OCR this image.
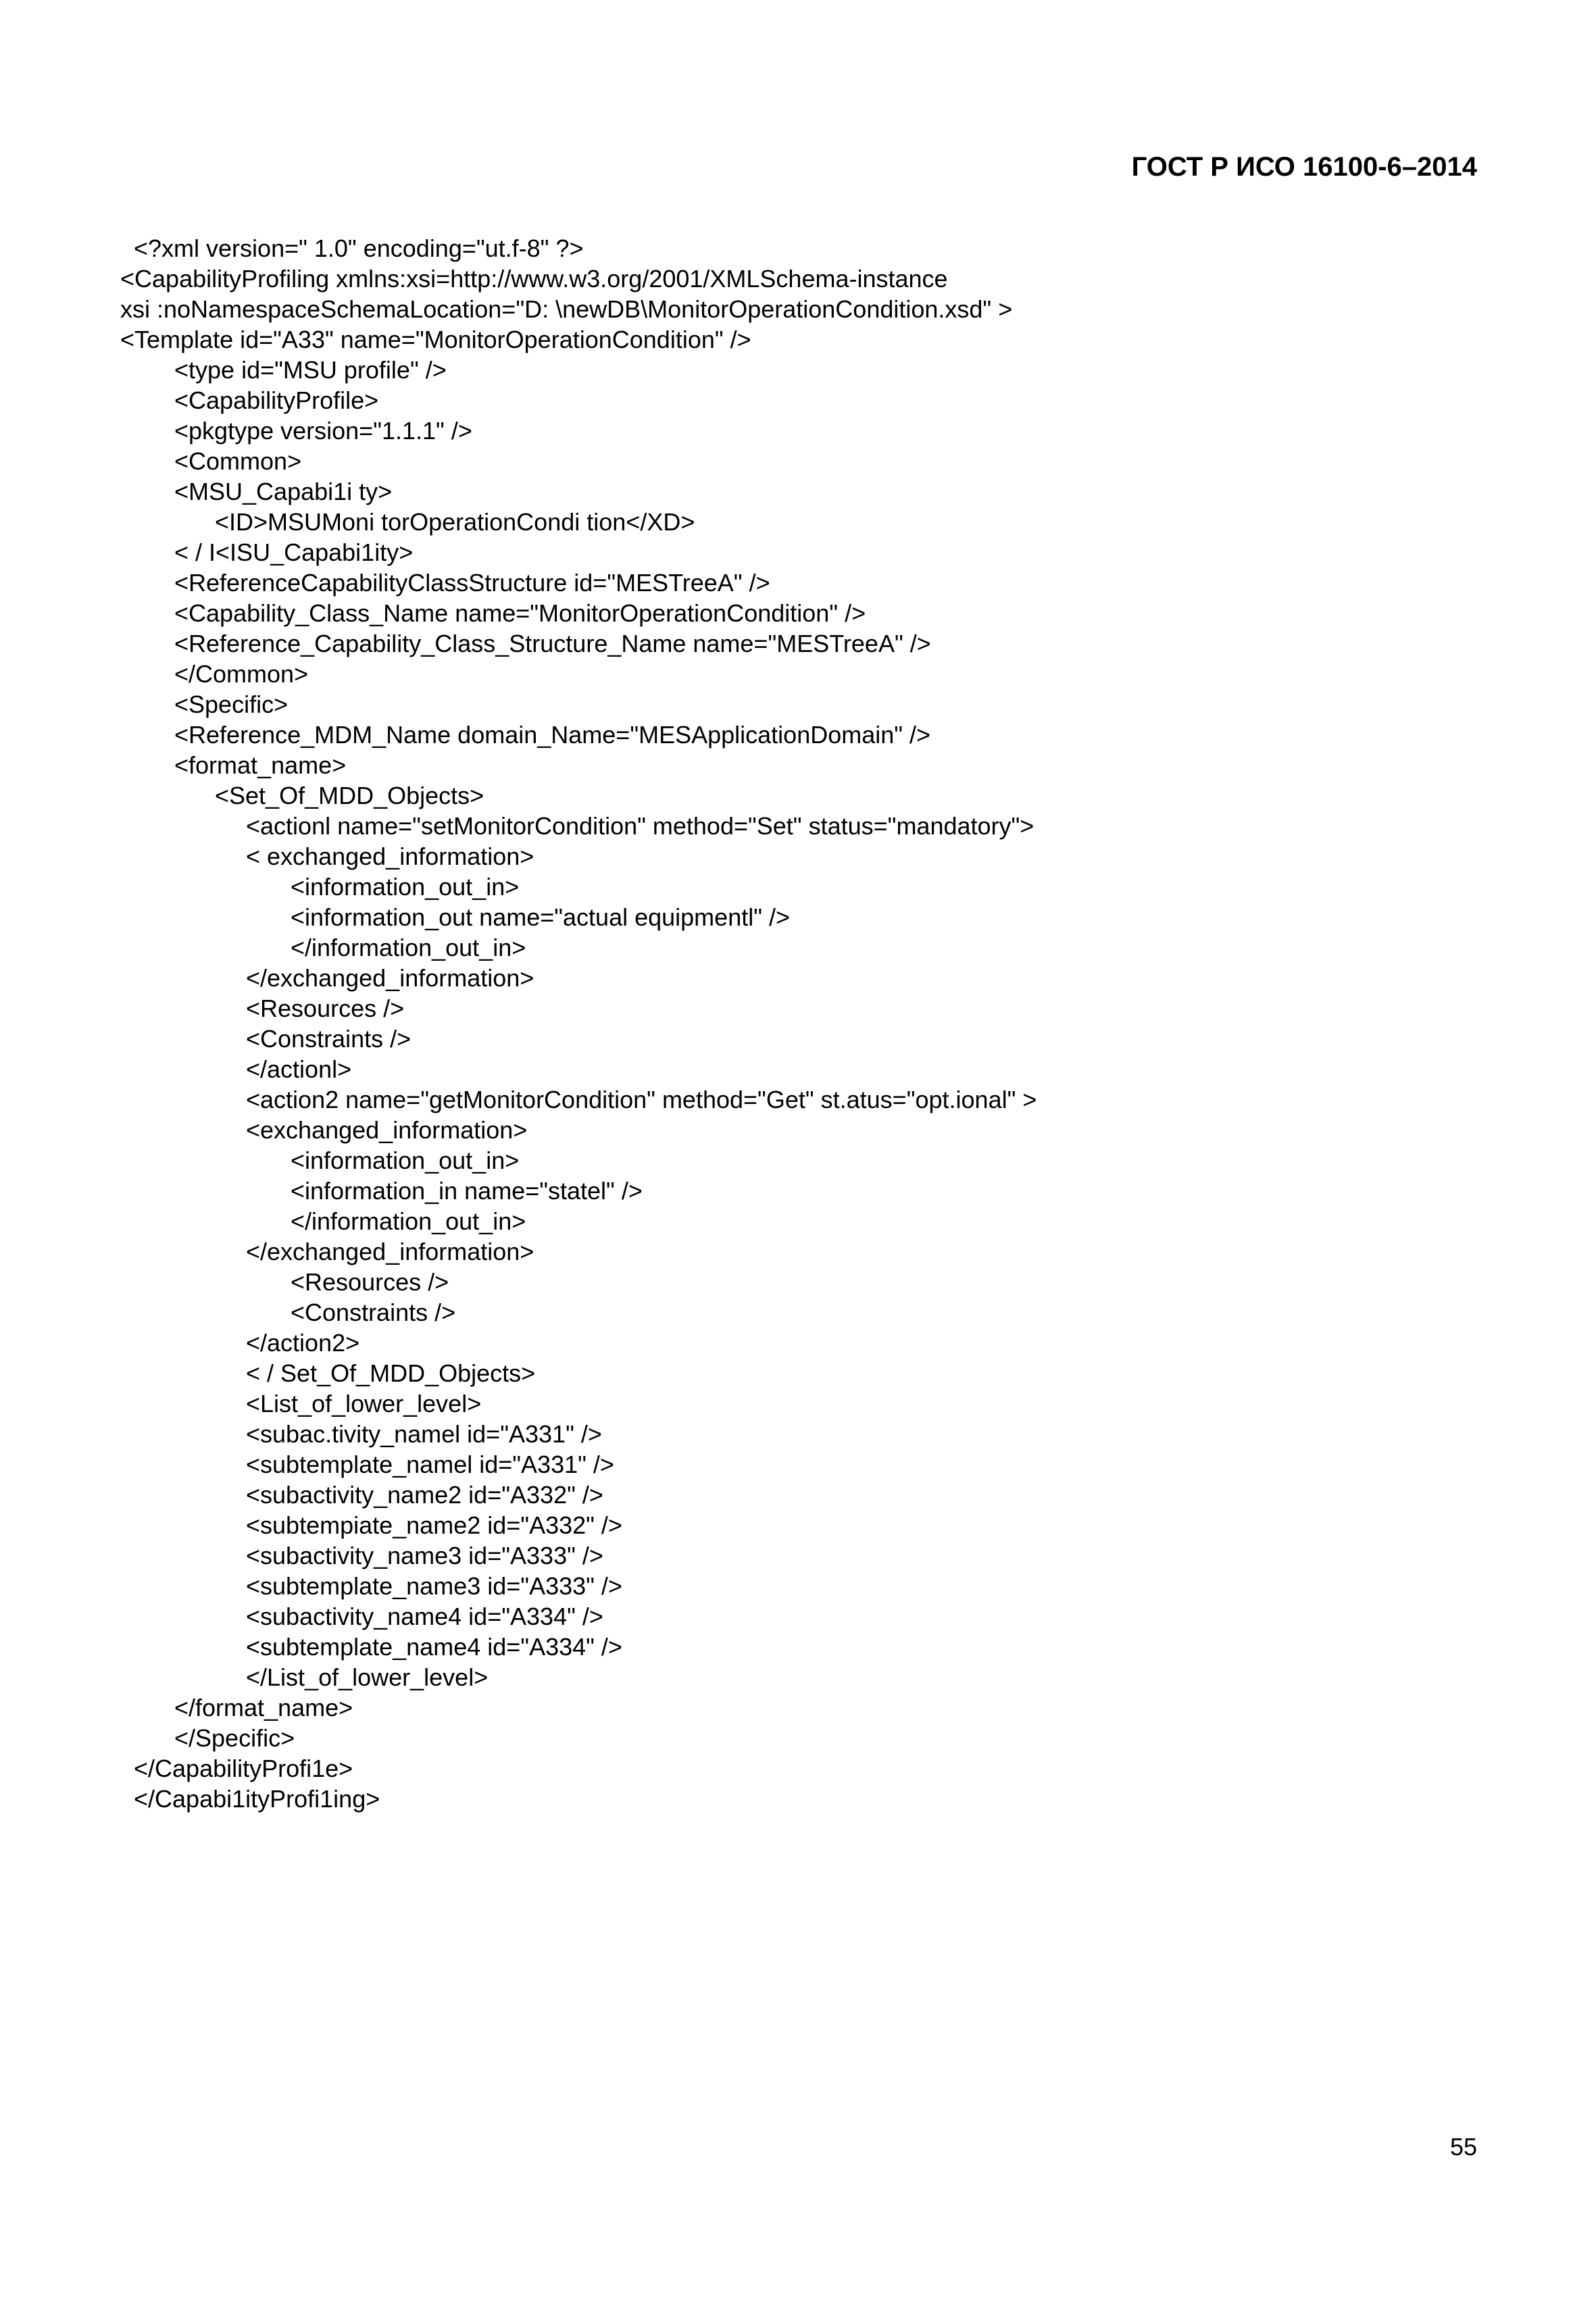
ГОСТ Р ИСО 16100-6–2014
<?xml version=" 1.0" encoding="ut.f-8" ?>
<CapabilityProfiling xmlns:xsi=http://www.w3.org/2001/XMLSchema-instance
xsi :noNamespaceSchemaLocation="D: \newDB\MonitorOperationCondition.xsd" >
<Template id="A33" name="MonitorOperationCondition" />
<type id="MSU profile" />
<CapabilityProfile>
<pkgtype version="1.1.1" />
<Common>
<MSU_Capabi1i ty>
<ID>MSUMoni torOperationCondi tion</XD>
< / I<ISU_Capabi1ity>
<ReferenceCapabilityClassStructure id="MESTreeA" />
<Capability_Class_Name name="MonitorOperationCondition" />
<Reference_Capability_Class_Structure_Name name="MESTreeA" />
</Common>
<Specific>
<Reference_MDM_Name domain_Name="MESApplicationDomain" />
<format_name>
<Set_Of_MDD_Objects>
<actionl name="setMonitorCondition" method="Set" status="mandatory">
< exchanged_information>
<information_out_in>
<information_out name="actual equipmentl" />
</information_out_in>
</exchanged_information>
<Resources />
<Constraints />
</actionl>
<action2 name="getMonitorCondition" method="Get" st.atus="opt.ional" >
<exchanged_information>
<information_out_in>
<information_in name="statel" />
</information_out_in>
</exchanged_information>
<Resources />
<Constraints />
</action2>
< / Set_Of_MDD_Objects>
<List_of_lower_level>
<subac.tivity_namel id="A331" />
<subtemplate_namel id="A331" />
<subactivity_name2 id="A332" />
<subtempiate_name2 id="A332" />
<subactivity_name3 id="A333" />
<subtemplate_name3 id="A333" />
<subactivity_name4 id="A334" />
<subtemplate_name4 id="A334" />
</List_of_lower_level>
</format_name>
</Specific>
</CapabilityProfi1e>
</Capabi1ityProfi1ing>
55
